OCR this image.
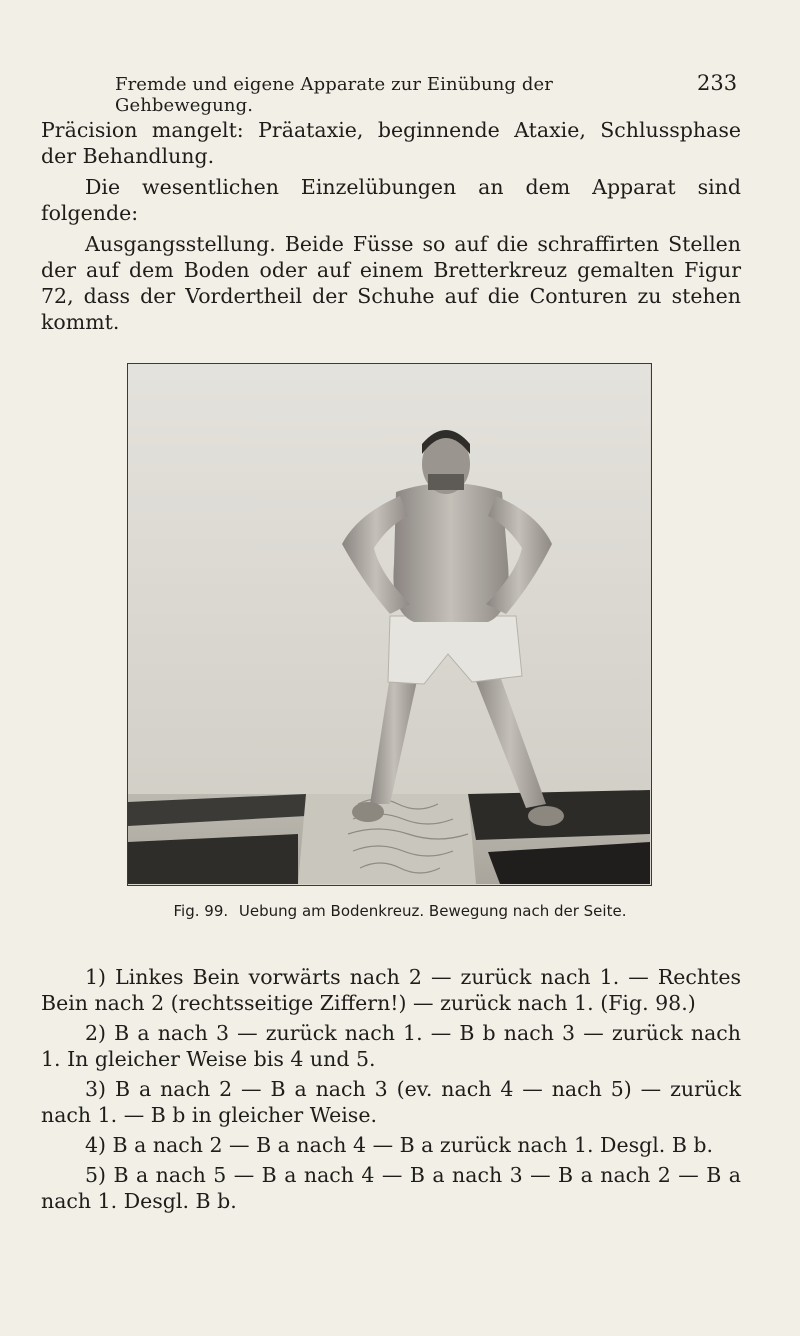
Fremde und eigene Apparate zur Einübung der Gehbewegung.
233

Präcision mangelt: Präataxie, beginnende Ataxie, Schlussphase der Behandlung.

Die wesentlichen Einzelübungen an dem Apparat sind folgende:

Ausgangsstellung. Beide Füsse so auf die schraffirten Stellen der auf dem Boden oder auf einem Bretterkreuz gemalten Figur 72, dass der Vordertheil der Schuhe auf die Conturen zu stehen kommt.

Fig. 99. Uebung am Bodenkreuz. Bewegung nach der Seite.

1) Linkes Bein vorwärts nach 2 — zurück nach 1. — Rechtes Bein nach 2 (rechtsseitige Ziffern!) — zurück nach 1. (Fig. 98.)

2) B a nach 3 — zurück nach 1. — B b nach 3 — zurück nach 1. In gleicher Weise bis 4 und 5.

3) B a nach 2 — B a nach 3 (ev. nach 4 — nach 5) — zurück nach 1. — B b in gleicher Weise.

4) B a nach 2 — B a nach 4 — B a zurück nach 1. Desgl. B b.

5) B a nach 5 — B a nach 4 — B a nach 3 — B a nach 2 — B a nach 1. Desgl. B b.
